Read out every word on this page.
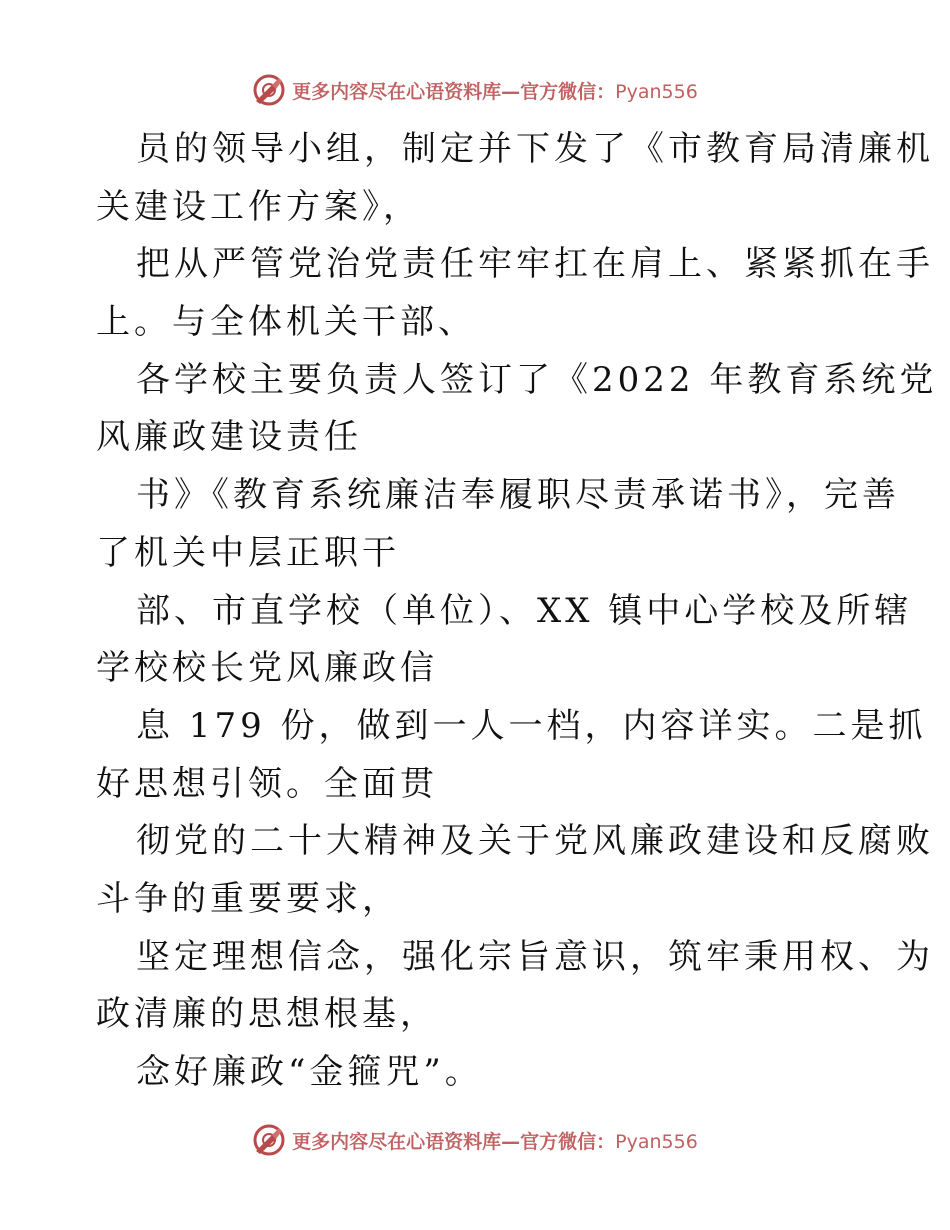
更多内容尽在心语资料库—官方微信：Pyan556
员的领导小组，制定并下发了《市教育局清廉机
关建设工作方案》，
把从严管党治党责任牢牢扛在肩上、紧紧抓在手
上。与全体机关干部、
各学校主要负责人签订了《2022 年教育系统党
风廉政建设责任
书》《教育系统廉洁奉履职尽责承诺书》，完善
了机关中层正职干
部、市直学校（单位）、XX 镇中心学校及所辖
学校校长党风廉政信
息 179 份，做到一人一档，内容详实。二是抓
好思想引领。全面贯
彻党的二十大精神及关于党风廉政建设和反腐败
斗争的重要要求，
坚定理想信念，强化宗旨意识，筑牢秉用权、为
政清廉的思想根基，
念好廉政“金箍咒”。
更多内容尽在心语资料库—官方微信：Pyan556
